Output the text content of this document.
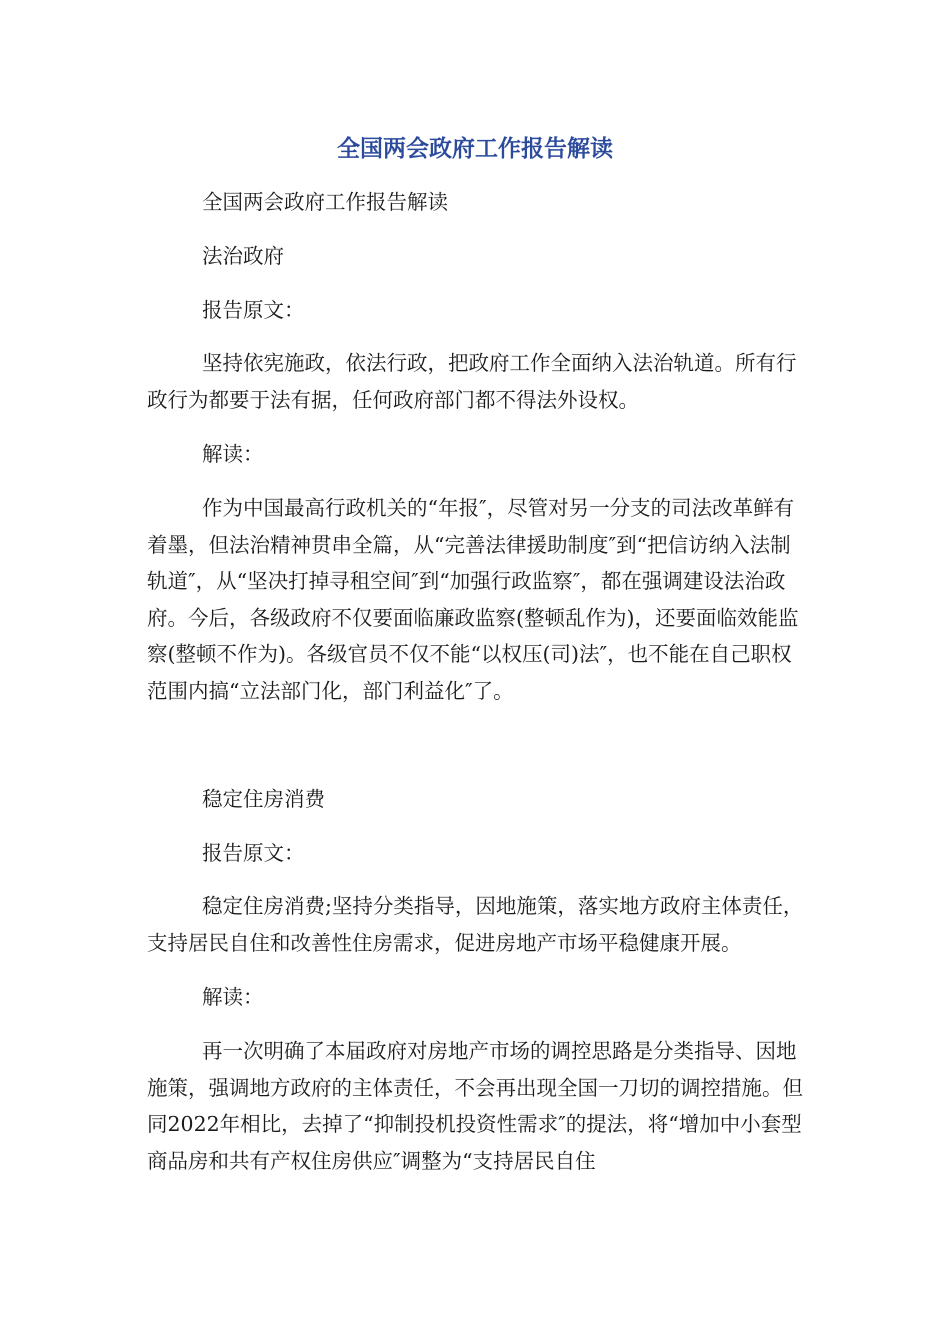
全国两会政府工作报告解读

全国两会政府工作报告解读

法治政府

报告原文：

坚持依宪施政，依法行政，把政府工作全面纳入法治轨道。所有行政行为都要于法有据，任何政府部门都不得法外设权。

解读：

作为中国最高行政机关的“年报″，尽管对另一分支的司法改革鲜有着墨，但法治精神贯串全篇，从“完善法律援助制度″到“把信访纳入法制轨道″，从“坚决打掉寻租空间″到“加强行政监察″，都在强调建设法治政府。今后，各级政府不仅要面临廉政监察(整顿乱作为)，还要面临效能监察(整顿不作为)。各级官员不仅不能“以权压(司)法″，也不能在自己职权范围内搞“立法部门化，部门利益化″了。

稳定住房消费

报告原文：

稳定住房消费;坚持分类指导，因地施策，落实地方政府主体责任，支持居民自住和改善性住房需求，促进房地产市场平稳健康开展。

解读：

再一次明确了本届政府对房地产市场的调控思路是分类指导、因地施策，强调地方政府的主体责任，不会再出现全国一刀切的调控措施。但同2022年相比，去掉了“抑制投机投资性需求″的提法，将“增加中小套型商品房和共有产权住房供应″调整为“支持居民自住
